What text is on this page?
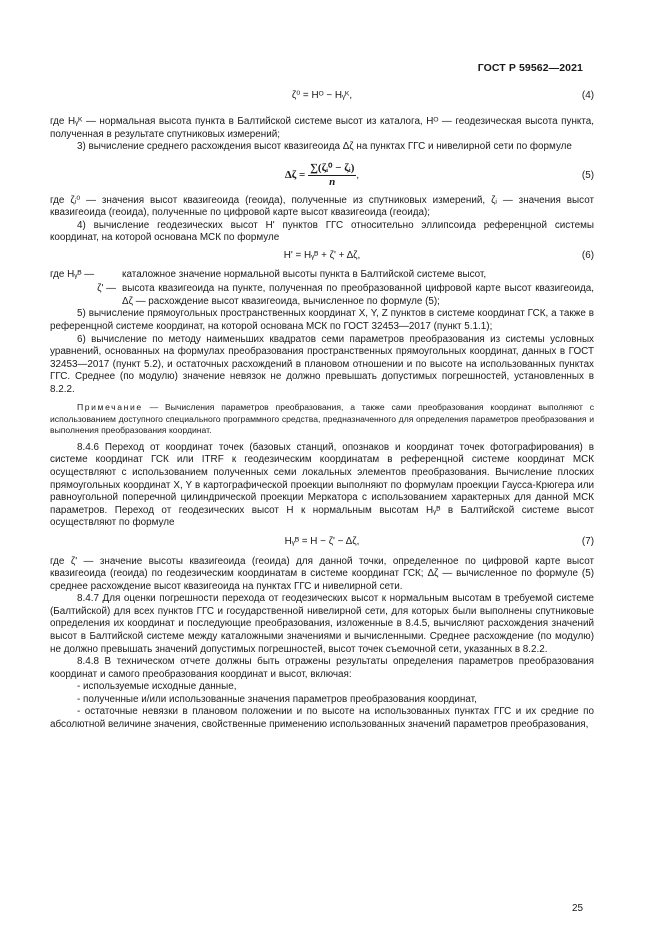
ГОСТ Р 59562—2021
ζ⁰ = Hᴼ − Hᵧᴷ,	(4)

где Hᵧᴷ — нормальная высота пункта в Балтийской системе высот из каталога, Hᴼ — геодезическая высота пункта, полученная в результате спутниковых измерений;

3) вычисление среднего расхождения высот квазигеоида Δζ на пунктах ГГС и нивелирной сети по формуле

$\Delta\zeta = \frac{\text{∑(ζᵢ⁰ − ζᵢ)}}{n}$ ,	(5)

где ζᵢ⁰ — значения высот квазигеоида (геоида), полученные из спутниковых измерений, ζᵢ — значения высот квазигеоида (геоида), полученные по цифровой карте высот квазигеоида (геоида);

4) вычисление геодезических высот H' пунктов ГГС относительно эллипсоида референцной системы координат, на которой основана МСК по формуле

H' = Hᵧᴮ + ζ' + Δζ,	(6)
где Hᵧᴮ —	каталожное значение нормальной высоты пункта в Балтийской системе высот,
ζ' — высота квазигеоида на пункте, полученная по преобразованной цифровой карте высот квазигеоида, Δζ — расхождение высот квазигеоида, вычисленное по формуле (5);

5) вычисление прямоугольных пространственных координат X, Y, Z пунктов в системе координат ГСК, а также в референцной системе координат, на которой основана МСК по ГОСТ 32453—2017 (пункт 5.1.1);

6) вычисление по методу наименьших квадратов семи параметров преобразования из системы условных уравнений, основанных на формулах преобразования пространственных прямоугольных координат, данных в ГОСТ 32453—2017 (пункт 5.2), и остаточных расхождений в плановом отношении и по высоте на использованных пунктах ГГС. Среднее (по модулю) значение невязок не должно превышать допустимых погрешностей, установленных в 8.2.2.

Примечание — Вычисления параметров преобразования, а также сами преобразования координат выполняют с использованием доступного специального программного средства, предназначенного для определения параметров преобразования и выполнения преобразования координат.

8.4.6 Переход от координат точек (базовых станций, опознаков и координат точек фотографирования) в системе координат ГСК или ITRF к геодезическим координатам в референцной системе координат МСК осуществляют с использованием полученных семи локальных элементов преобразования. Вычисление плоских прямоугольных координат X, Y в картографической проекции выполняют по формулам проекции Гаусса-Крюгера или равноугольной поперечной цилиндрической проекции Меркатора с использованием характерных для данной МСК параметров. Переход от геодезических высот H к нормальным высотам Hᵧᴮ в Балтийской системе высот осуществляют по формуле

Hᵧᴮ = H − ζ' − Δζ,	(7)

где ζ' — значение высоты квазигеоида (геоида) для данной точки, определенное по цифровой карте высот квазигеоида (геоида) по геодезическим координатам в системе координат ГСК; Δζ — вычисленное по формуле (5) среднее расхождение высот квазигеоида на пунктах ГГС и нивелирной сети.

8.4.7 Для оценки погрешности перехода от геодезических высот к нормальным высотам в требуемой системе (Балтийской) для всех пунктов ГГС и государственной нивелирной сети, для которых были выполнены спутниковые определения их координат и последующие преобразования, изложенные в 8.4.5, вычисляют расхождения значений высот в Балтийской системе между каталожными значениями и вычисленными. Среднее расхождение (по модулю) не должно превышать значений допустимых погрешностей, высот точек съемочной сети, указанных в 8.2.2.

8.4.8 В техническом отчете должны быть отражены результаты определения параметров преобразования координат и самого преобразования координат и высот, включая:

- используемые исходные данные,

- полученные и/или использованные значения параметров преобразования координат,

- остаточные невязки в плановом положении и по высоте на использованных пунктах ГГС и их средние по абсолютной величине значения, свойственные применению использованных значений параметров преобразования,

25
